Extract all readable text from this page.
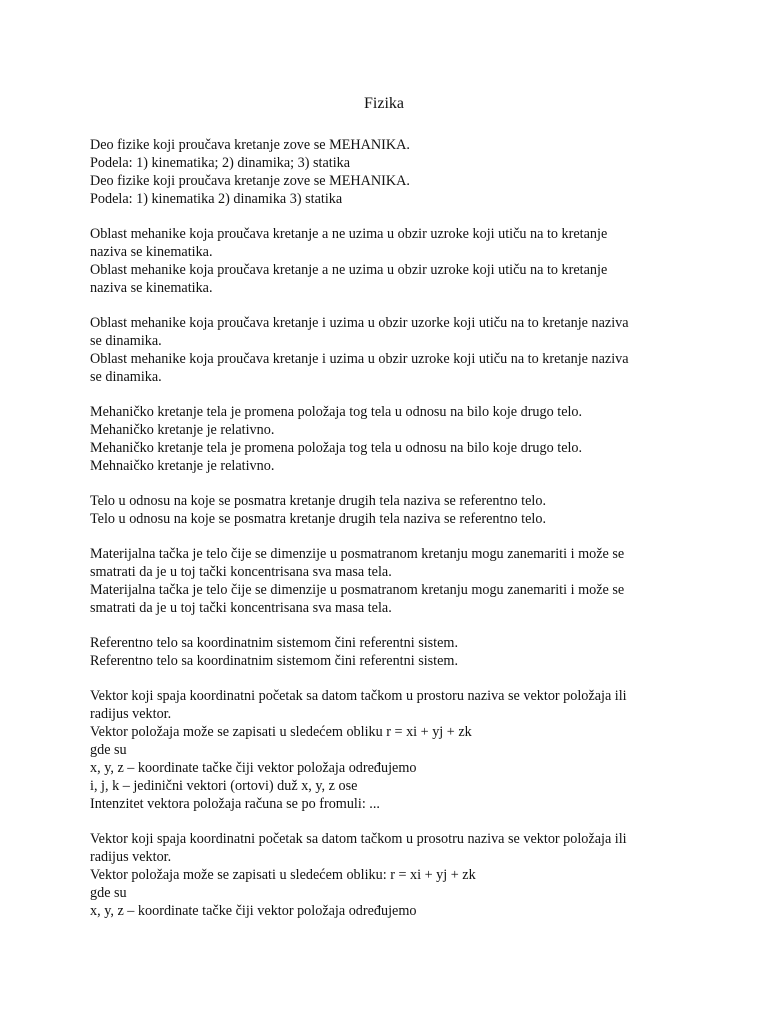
Fizika
Deo fizike koji proučava kretanje zove se MEHANIKA.
Podela: 1) kinematika; 2) dinamika; 3) statika
Deo fizike koji proučava kretanje zove se MEHANIKA.
Podela: 1) kinematika 2) dinamika 3) statika
Oblast mehanike koja proučava kretanje a ne uzima u obzir uzroke koji utiču na to kretanje
naziva se kinematika.
Oblast mehanike koja proučava kretanje a ne uzima u obzir uzroke koji utiču na to kretanje
naziva se kinematika.
Oblast mehanike koja proučava kretanje i uzima u obzir uzorke koji utiču na to kretanje naziva
se dinamika.
Oblast mehanike koja proučava kretanje i uzima u obzir uzroke koji utiču na to kretanje naziva
se dinamika.
Mehaničko kretanje tela je promena položaja tog tela u odnosu na bilo koje drugo telo.
Mehaničko kretanje je relativno.
Mehaničko kretanje tela je promena položaja tog tela u odnosu na bilo koje drugo telo.
Mehnaičko kretanje je relativno.
Telo u odnosu na koje se posmatra kretanje drugih tela naziva se referentno telo.
Telo u odnosu na koje se posmatra kretanje drugih tela naziva se referentno telo.
Materijalna tačka je telo čije se dimenzije u posmatranom kretanju mogu zanemariti i može se
smatrati da je u toj tački koncentrisana sva masa tela.
Materijalna tačka je telo čije se dimenzije u posmatranom kretanju mogu zanemariti i može se
smatrati da je u toj tački koncentrisana sva masa tela.
Referentno telo sa koordinatnim sistemom čini referentni sistem.
Referentno telo sa koordinatnim sistemom čini referentni sistem.
Vektor koji spaja koordinatni početak sa datom tačkom u prostoru naziva se vektor položaja ili
radijus vektor.
Vektor položaja može se zapisati u sledećem obliku r = xi + yj + zk
gde su
x, y, z – koordinate tačke čiji vektor položaja određujemo
i, j, k – jedinični vektori (ortovi) duž x, y, z ose
Intenzitet vektora položaja računa se po fromuli: ...
Vektor koji spaja koordinatni početak sa datom tačkom u prosotru naziva se vektor položaja ili
radijus vektor.
Vektor položaja može se zapisati u sledećem obliku: r = xi + yj + zk
gde su
x, y, z – koordinate tačke čiji vektor položaja određujemo
